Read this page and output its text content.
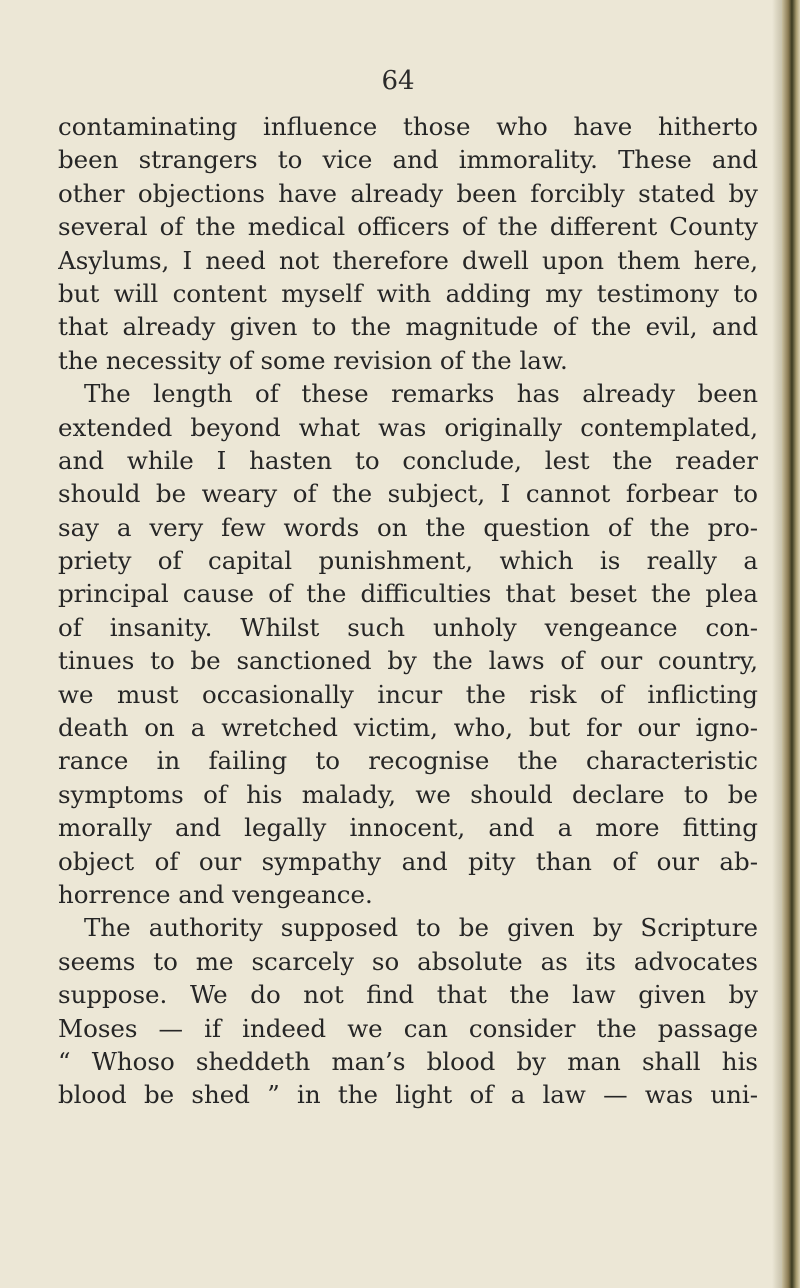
64
contaminating influence those who have hitherto
been strangers to vice and immorality. These and
other objections have already been forcibly stated by
several of the medical officers of the different County
Asylums, I need not therefore dwell upon them here,
but will content myself with adding my testimony to
that already given to the magnitude of the evil, and
the necessity of some revision of the law.
The length of these remarks has already been
extended beyond what was originally contemplated,
and while I hasten to conclude, lest the reader
should be weary of the subject, I cannot forbear to
say a very few words on the question of the pro-
priety of capital punishment, which is really a
principal cause of the difficulties that beset the plea
of insanity. Whilst such unholy vengeance con-
tinues to be sanctioned by the laws of our country,
we must occasionally incur the risk of inflicting
death on a wretched victim, who, but for our igno-
rance in failing to recognise the characteristic
symptoms of his malady, we should declare to be
morally and legally innocent, and a more fitting
object of our sympathy and pity than of our ab-
horrence and vengeance.
The authority supposed to be given by Scripture
seems to me scarcely so absolute as its advocates
suppose. We do not find that the law given by
Moses — if indeed we can consider the passage
“ Whoso sheddeth man’s blood by man shall his
blood be shed ” in the light of a law — was uni-
